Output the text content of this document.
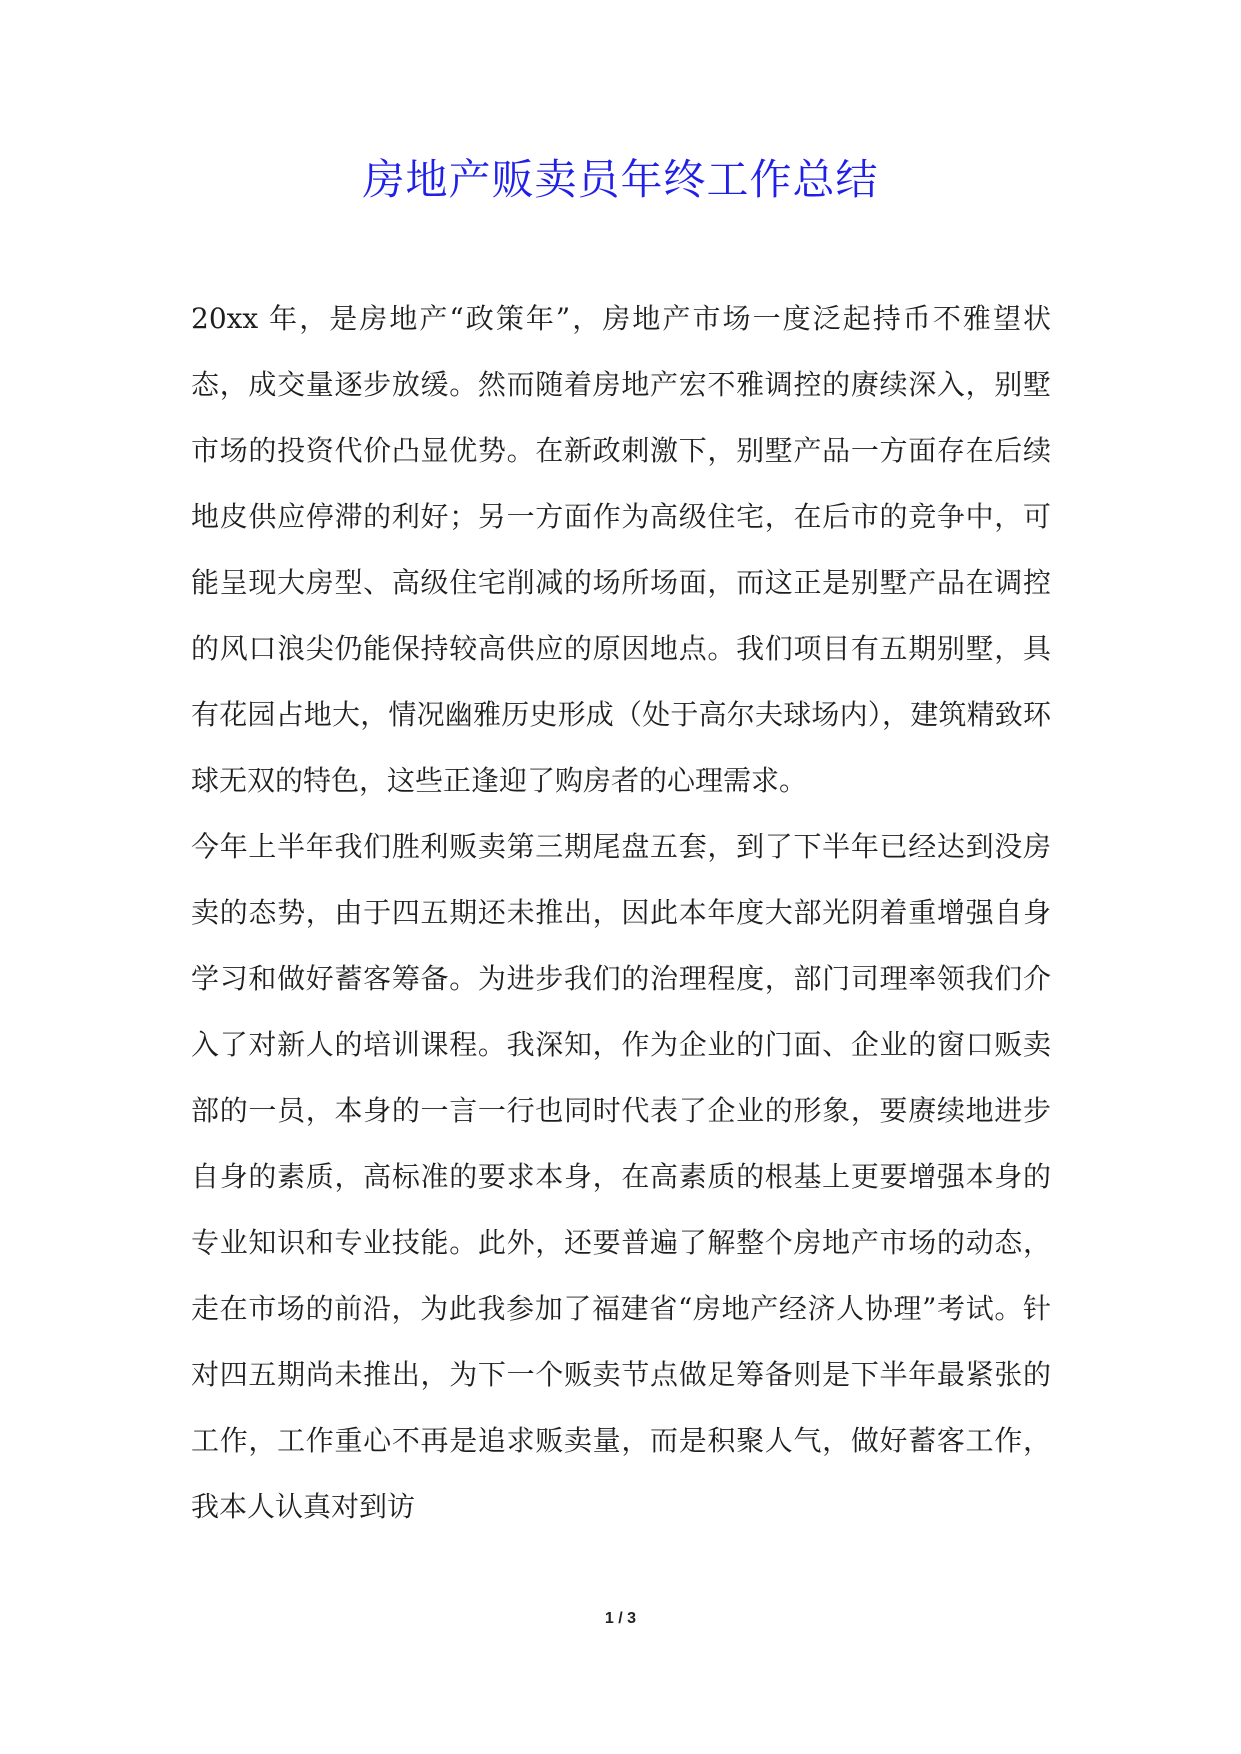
房地产贩卖员年终工作总结

20xx 年，是房地产“政策年”，房地产市场一度泛起持币不雅望状态，成交量逐步放缓。然而随着房地产宏不雅调控的赓续深入，别墅市场的投资代价凸显优势。在新政刺激下，别墅产品一方面存在后续地皮供应停滞的利好；另一方面作为高级住宅，在后市的竞争中，可能呈现大房型、高级住宅削减的场所场面，而这正是别墅产品在调控的风口浪尖仍能保持较高供应的原因地点。我们项目有五期别墅，具有花园占地大，情况幽雅历史形成（处于高尔夫球场内），建筑精致环球无双的特色，这些正逢迎了购房者的心理需求。

今年上半年我们胜利贩卖第三期尾盘五套，到了下半年已经达到没房卖的态势，由于四五期还未推出，因此本年度大部光阴着重增强自身学习和做好蓄客筹备。为进步我们的治理程度，部门司理率领我们介入了对新人的培训课程。我深知，作为企业的门面、企业的窗口贩卖部的一员，本身的一言一行也同时代表了企业的形象，要赓续地进步自身的素质，高标准的要求本身，在高素质的根基上更要增强本身的专业知识和专业技能。此外，还要普遍了解整个房地产市场的动态，走在市场的前沿，为此我参加了福建省“房地产经济人协理”考试。针对四五期尚未推出，为下一个贩卖节点做足筹备则是下半年最紧张的工作，工作重心不再是追求贩卖量，而是积聚人气，做好蓄客工作，我本人认真对到访

1 / 3
